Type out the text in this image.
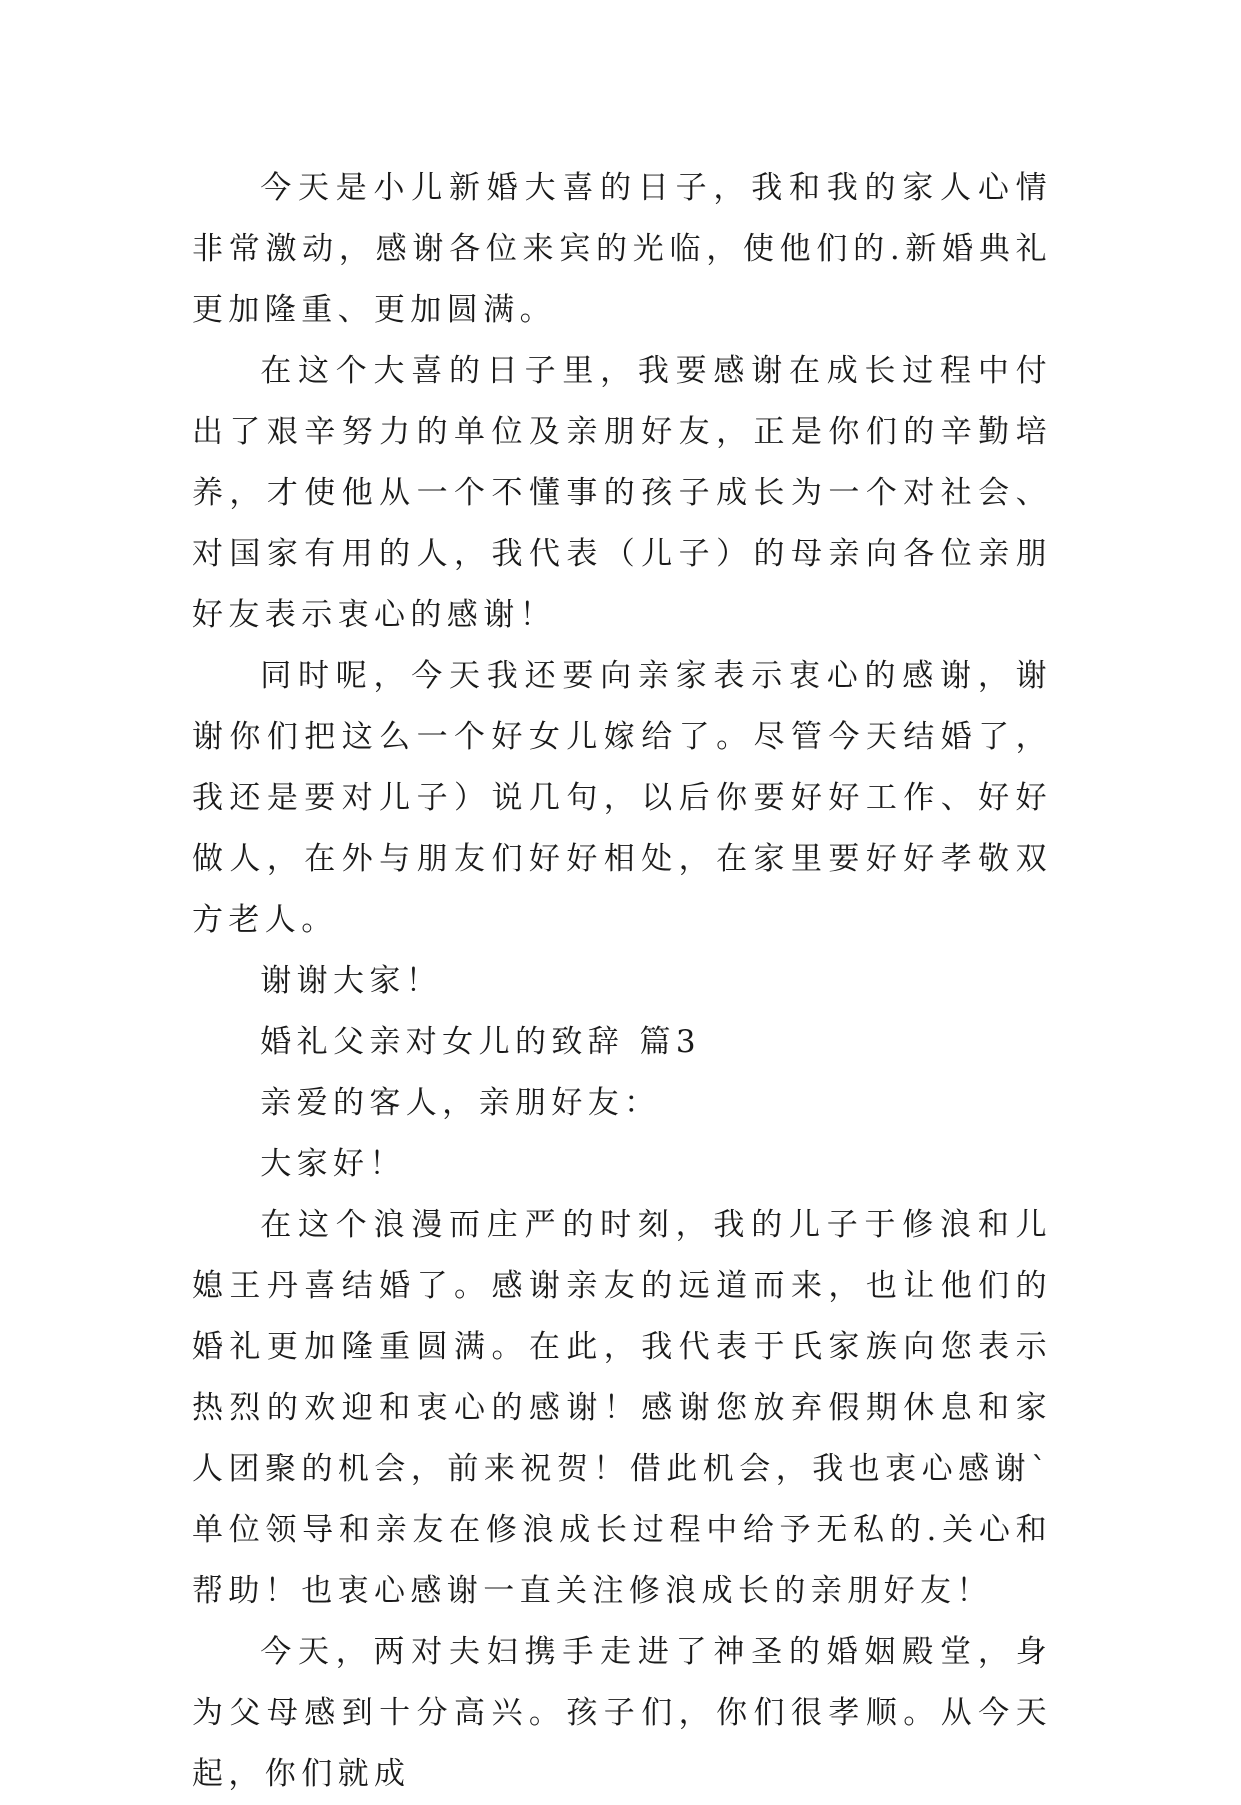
今天是小儿新婚大喜的日子，我和我的家人心情非常激动，感谢各位来宾的光临，使他们的.新婚典礼更加隆重、更加圆满。

在这个大喜的日子里，我要感谢在成长过程中付出了艰辛努力的单位及亲朋好友，正是你们的辛勤培养，才使他从一个不懂事的孩子成长为一个对社会、对国家有用的人，我代表（儿子）的母亲向各位亲朋好友表示衷心的感谢！

同时呢，今天我还要向亲家表示衷心的感谢，谢谢你们把这么一个好女儿嫁给了。尽管今天结婚了，我还是要对儿子）说几句，以后你要好好工作、好好做人，在外与朋友们好好相处，在家里要好好孝敬双方老人。

谢谢大家！

婚礼父亲对女儿的致辞 篇3

亲爱的客人，亲朋好友：

大家好！

在这个浪漫而庄严的时刻，我的儿子于修浪和儿媳王丹喜结婚了。感谢亲友的远道而来，也让他们的婚礼更加隆重圆满。在此，我代表于氏家族向您表示热烈的欢迎和衷心的感谢！感谢您放弃假期休息和家人团聚的机会，前来祝贺！借此机会，我也衷心感谢`单位领导和亲友在修浪成长过程中给予无私的.关心和帮助！也衷心感谢一直关注修浪成长的亲朋好友！

今天，两对夫妇携手走进了神圣的婚姻殿堂，身为父母感到十分高兴。孩子们，你们很孝顺。从今天起，你们就成
